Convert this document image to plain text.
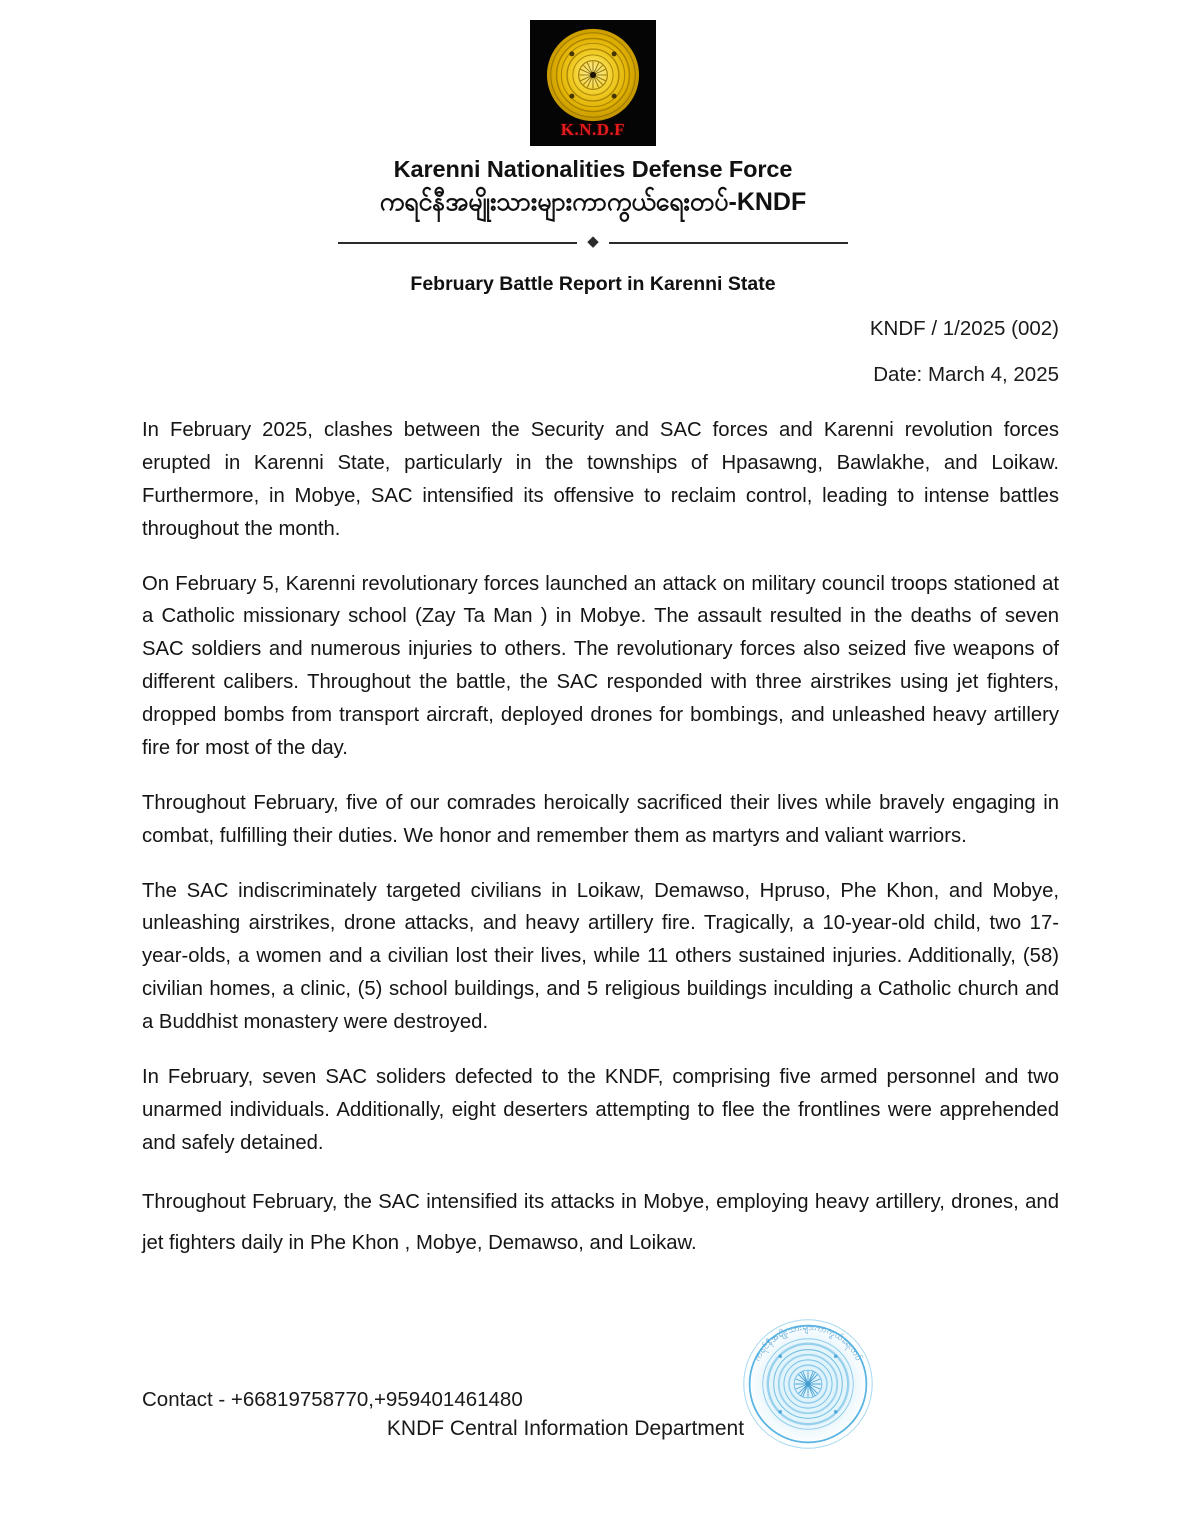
K.N.D.F
Karenni Nationalities Defense Force
ကရင်နီအမျိုးသားများကာကွယ်ရေးတပ်-KNDF
◆
February Battle Report in Karenni State
KNDF / 1/2025 (002)
Date: March 4, 2025

In February 2025, clashes between the Security and SAC forces and Karenni revolution forces erupted in Karenni State, particularly in the townships of Hpasawng, Bawlakhe, and Loikaw. Furthermore, in Mobye, SAC intensified its offensive to reclaim control, leading to intense battles throughout the month.

On February 5, Karenni revolutionary forces launched an attack on military council troops stationed at a Catholic missionary school (Zay Ta Man ) in Mobye. The assault resulted in the deaths of seven SAC soldiers and numerous injuries to others. The revolutionary forces also seized five weapons of different calibers. Throughout the battle, the SAC responded with three airstrikes using jet fighters, dropped bombs from transport aircraft, deployed drones for bombings, and unleashed heavy artillery fire for most of the day.

Throughout February, five of our comrades heroically sacrificed their lives while bravely engaging in combat, fulfilling their duties. We honor and remember them as martyrs and valiant warriors.

The SAC indiscriminately targeted civilians in Loikaw, Demawso, Hpruso, Phe Khon, and Mobye, unleashing airstrikes, drone attacks, and heavy artillery fire. Tragically, a 10-year-old child, two 17-year-olds, a women and a civilian lost their lives, while 11 others sustained injuries. Additionally, (58) civilian homes, a clinic, (5) school buildings, and 5 religious buildings inculding a Catholic church and a Buddhist monastery were destroyed.

In February, seven SAC soliders defected to the KNDF, comprising five armed personnel and two unarmed individuals. Additionally, eight deserters attempting to flee the frontlines were apprehended and safely detained.

Throughout February, the SAC intensified its attacks in Mobye, employing heavy artillery, drones, and jet fighters daily in Phe Khon , Mobye, Demawso, and Loikaw.

ကရင်နီအမျိုးသားများကာကွယ်ရေးတပ်
KNDF Central Information Department
Contact - +66819758770,+959401461480
